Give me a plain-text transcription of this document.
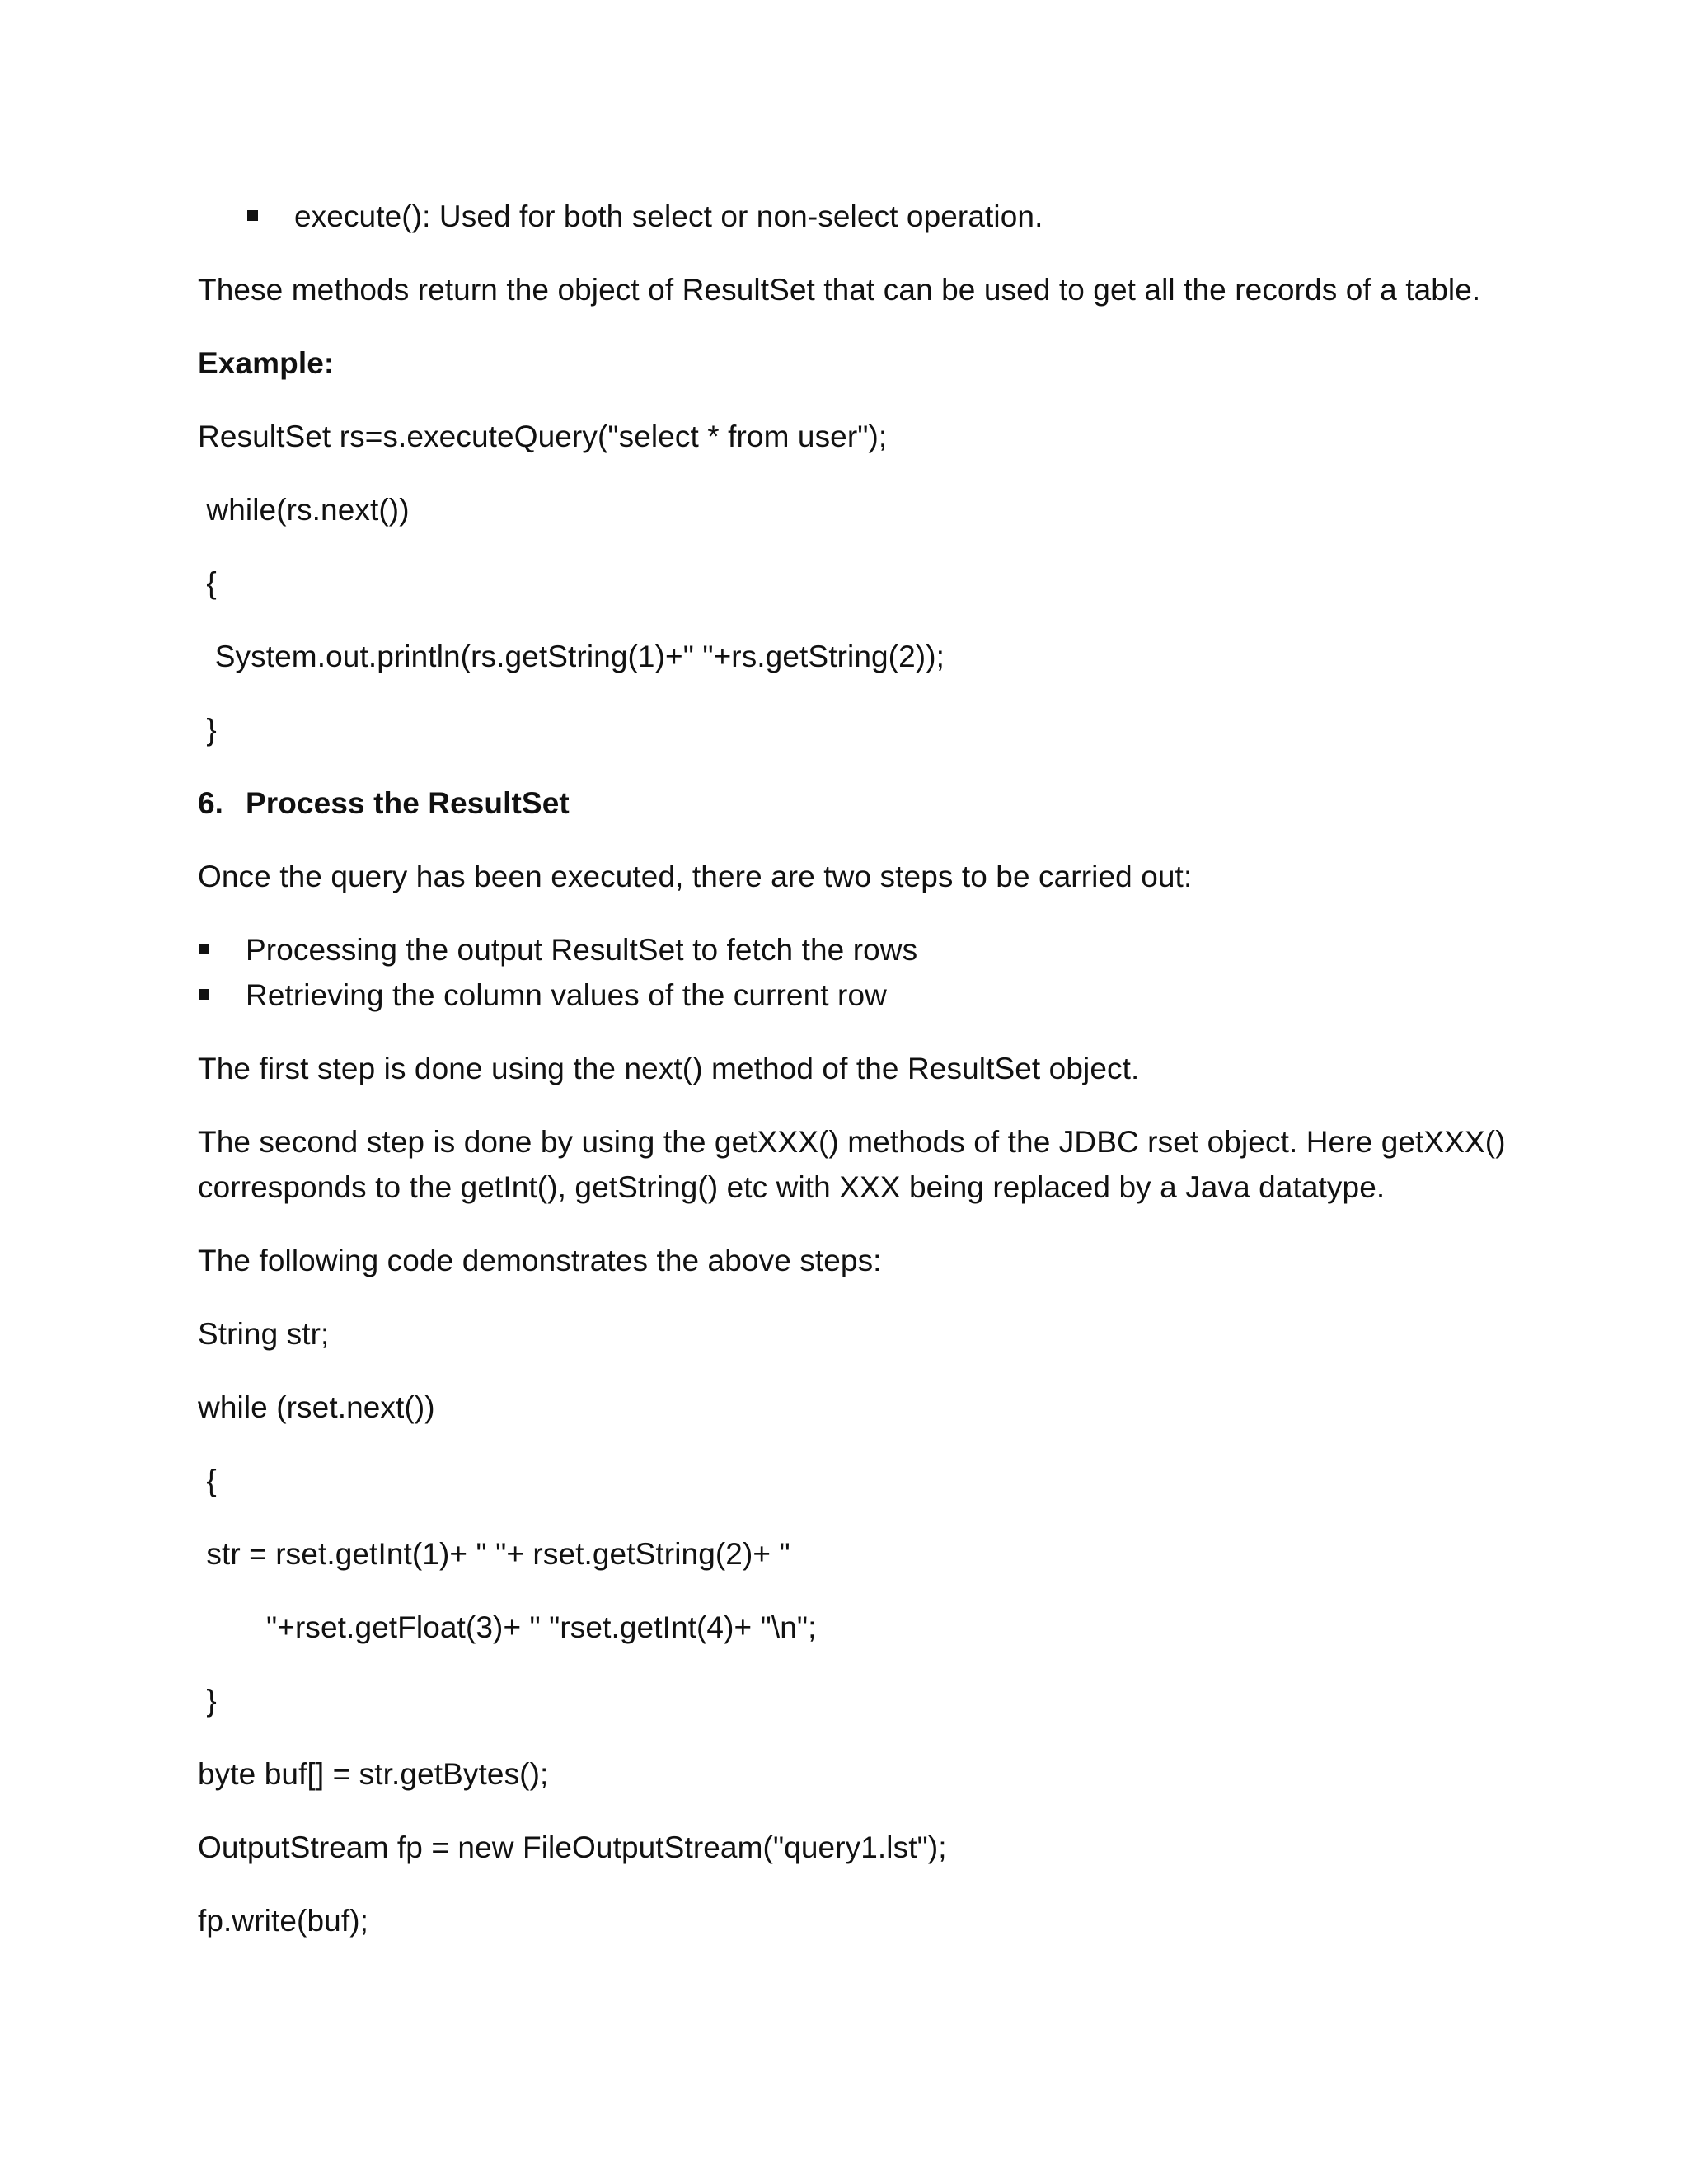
execute(): Used for both select or non-select operation.
These methods return the object of ResultSet that can be used to get all the records of a table.
Example:
ResultSet rs=s.executeQuery("select * from user");
while(rs.next())
{
System.out.println(rs.getString(1)+" "+rs.getString(2));
}
6. Process the ResultSet
Once the query has been executed, there are two steps to be carried out:
Processing the output ResultSet to fetch the rows
Retrieving the column values of the current row
The first step is done using the next() method of the ResultSet object.
The second step is done by using the getXXX() methods of the JDBC rset object. Here getXXX()
corresponds to the getInt(), getString() etc with XXX being replaced by a Java datatype.
The following code demonstrates the above steps:
String str;
while (rset.next())
{
str = rset.getInt(1)+ " "+ rset.getString(2)+ "
"+rset.getFloat(3)+ " "rset.getInt(4)+ "\n";
}
byte buf[] = str.getBytes();
OutputStream fp = new FileOutputStream("query1.lst");
fp.write(buf);
